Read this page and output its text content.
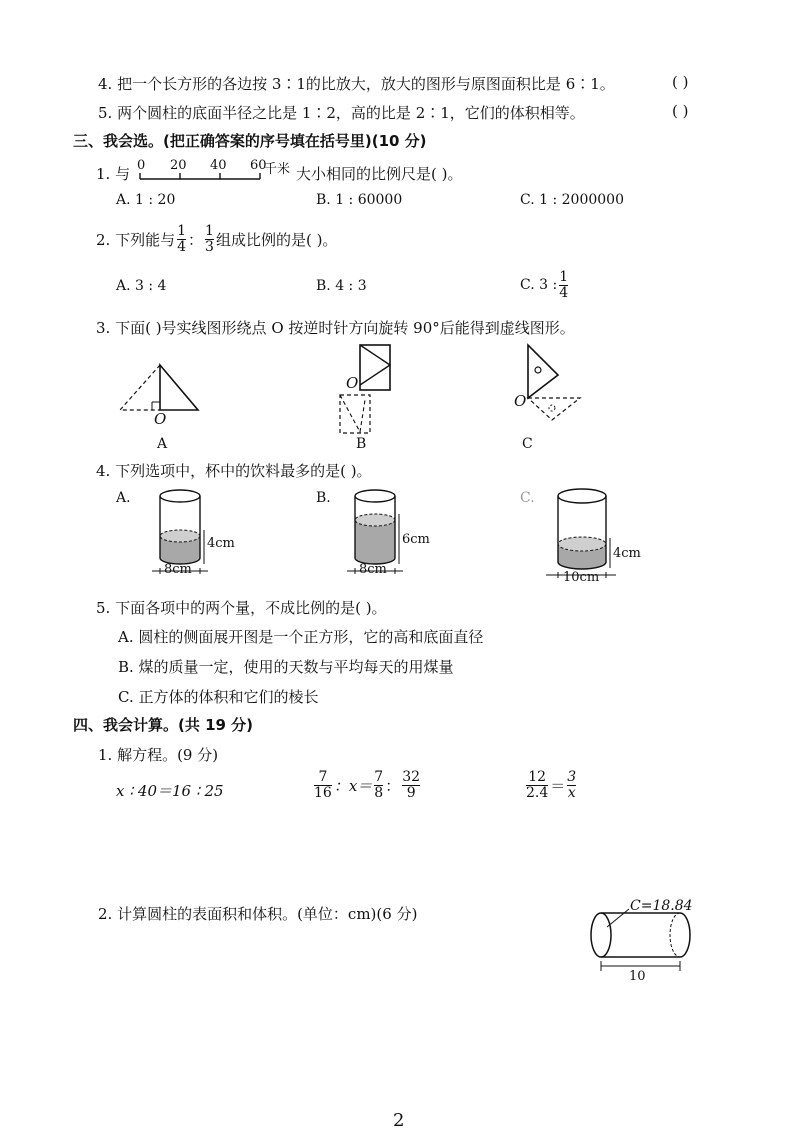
4. 把一个长方形的各边按 3∶1的比放大，放大的图形与原图面积比是 6∶1。	( )
5. 两个圆柱的底面半径之比是 1∶2，高的比是 2∶1，它们的体积相等。	( )
三、我会选。(把正确答案的序号填在括号里)(10 分)
1. 与 0 20 40 60
千米 大小相同的比例尺是( )。
A. 1 : 20	B. 1 : 60000	C. 1 : 2000000
2. 下列能与 $\frac{1}{4}$ ： $\frac{1}{3}$ 组成比例的是( )。
A. 3 : 4	B. 4 : 3	C. 3 : $\frac{1}{4}$
3. 下面( )号实线图形绕点 O 按逆时针方向旋转 90°后能得到虚线图形。
O
A
O
B
O
C
4. 下列选项中，杯中的饮料最多的是( )。
A.
4cm
8cm
B.
6cm
8cm
C.
4cm
10cm
5. 下面各项中的两个量，不成比例的是( )。
A. 圆柱的侧面展开图是一个正方形，它的高和底面直径
B. 煤的质量一定，使用的天数与平均每天的用煤量
C. 正方体的体积和它们的棱长
四、我会计算。(共 19 分)
1. 解方程。(9 分)
x ∶ 40＝16 ∶ 25	$\frac{7}{16}$ ：$x= \frac{7}{8}$ ： $\frac{32}{9}$	$\frac{12}{2.4} = \frac{3}{x}$
2. 计算圆柱的表面积和体积。(单位：cm)(6 分)	C=18.84
10
2
